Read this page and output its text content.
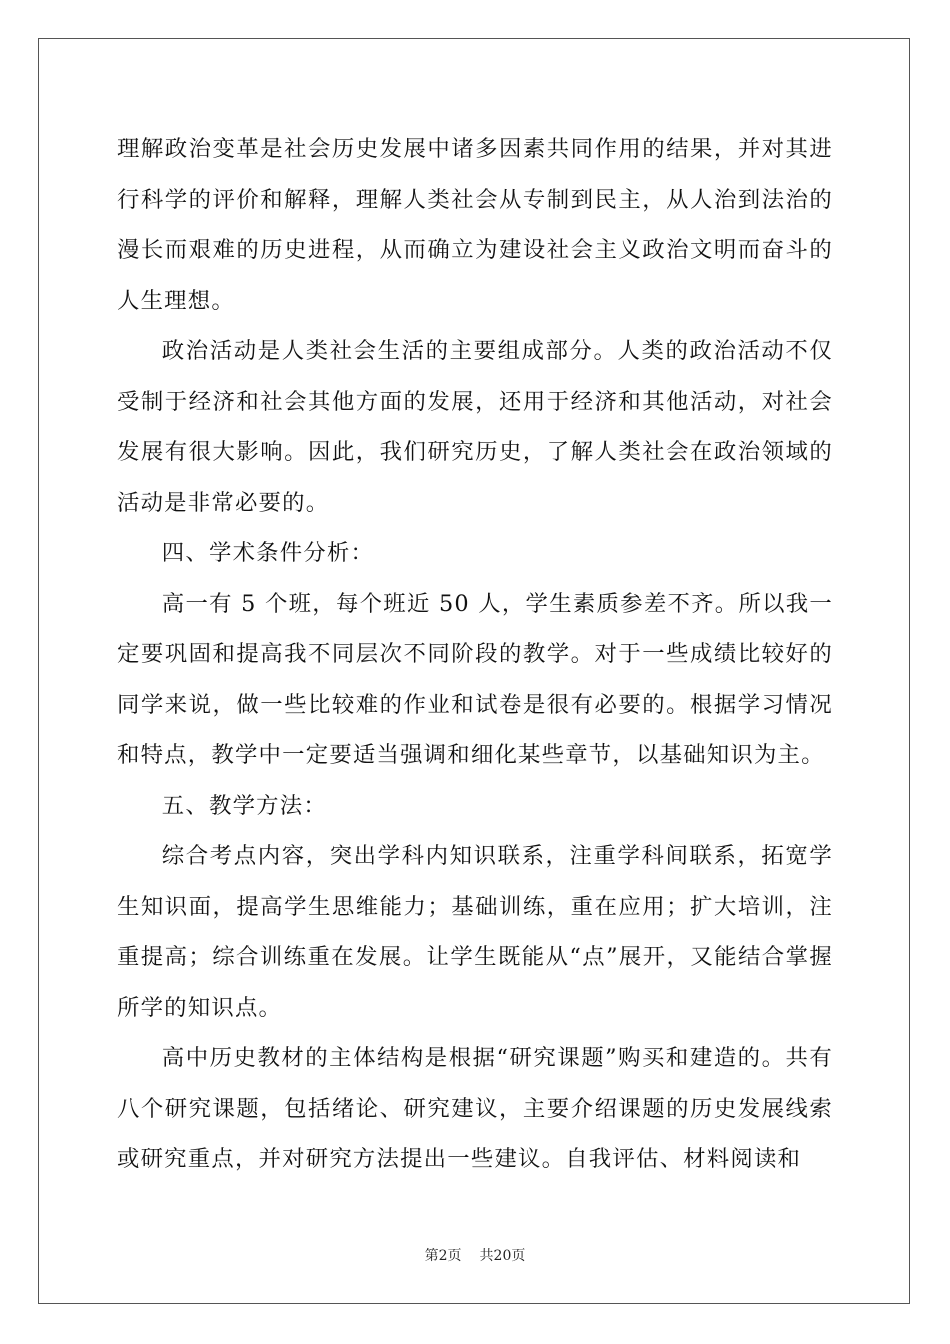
理解政治变革是社会历史发展中诸多因素共同作用的结果，并对其进行科学的评价和解释，理解人类社会从专制到民主，从人治到法治的漫长而艰难的历史进程，从而确立为建设社会主义政治文明而奋斗的人生理想。

政治活动是人类社会生活的主要组成部分。人类的政治活动不仅受制于经济和社会其他方面的发展，还用于经济和其他活动，对社会发展有很大影响。因此，我们研究历史，了解人类社会在政治领域的活动是非常必要的。

四、学术条件分析：

高一有 5 个班，每个班近 50 人，学生素质参差不齐。所以我一定要巩固和提高我不同层次不同阶段的教学。对于一些成绩比较好的同学来说，做一些比较难的作业和试卷是很有必要的。根据学习情况和特点，教学中一定要适当强调和细化某些章节，以基础知识为主。

五、教学方法：

综合考点内容，突出学科内知识联系，注重学科间联系，拓宽学生知识面，提高学生思维能力；基础训练，重在应用；扩大培训，注重提高；综合训练重在发展。让学生既能从“点”展开，又能结合掌握所学的知识点。

高中历史教材的主体结构是根据“研究课题”购买和建造的。共有八个研究课题，包括绪论、研究建议，主要介绍课题的历史发展线索或研究重点，并对研究方法提出一些建议。自我评估、材料阅读和

第2页 共20页
